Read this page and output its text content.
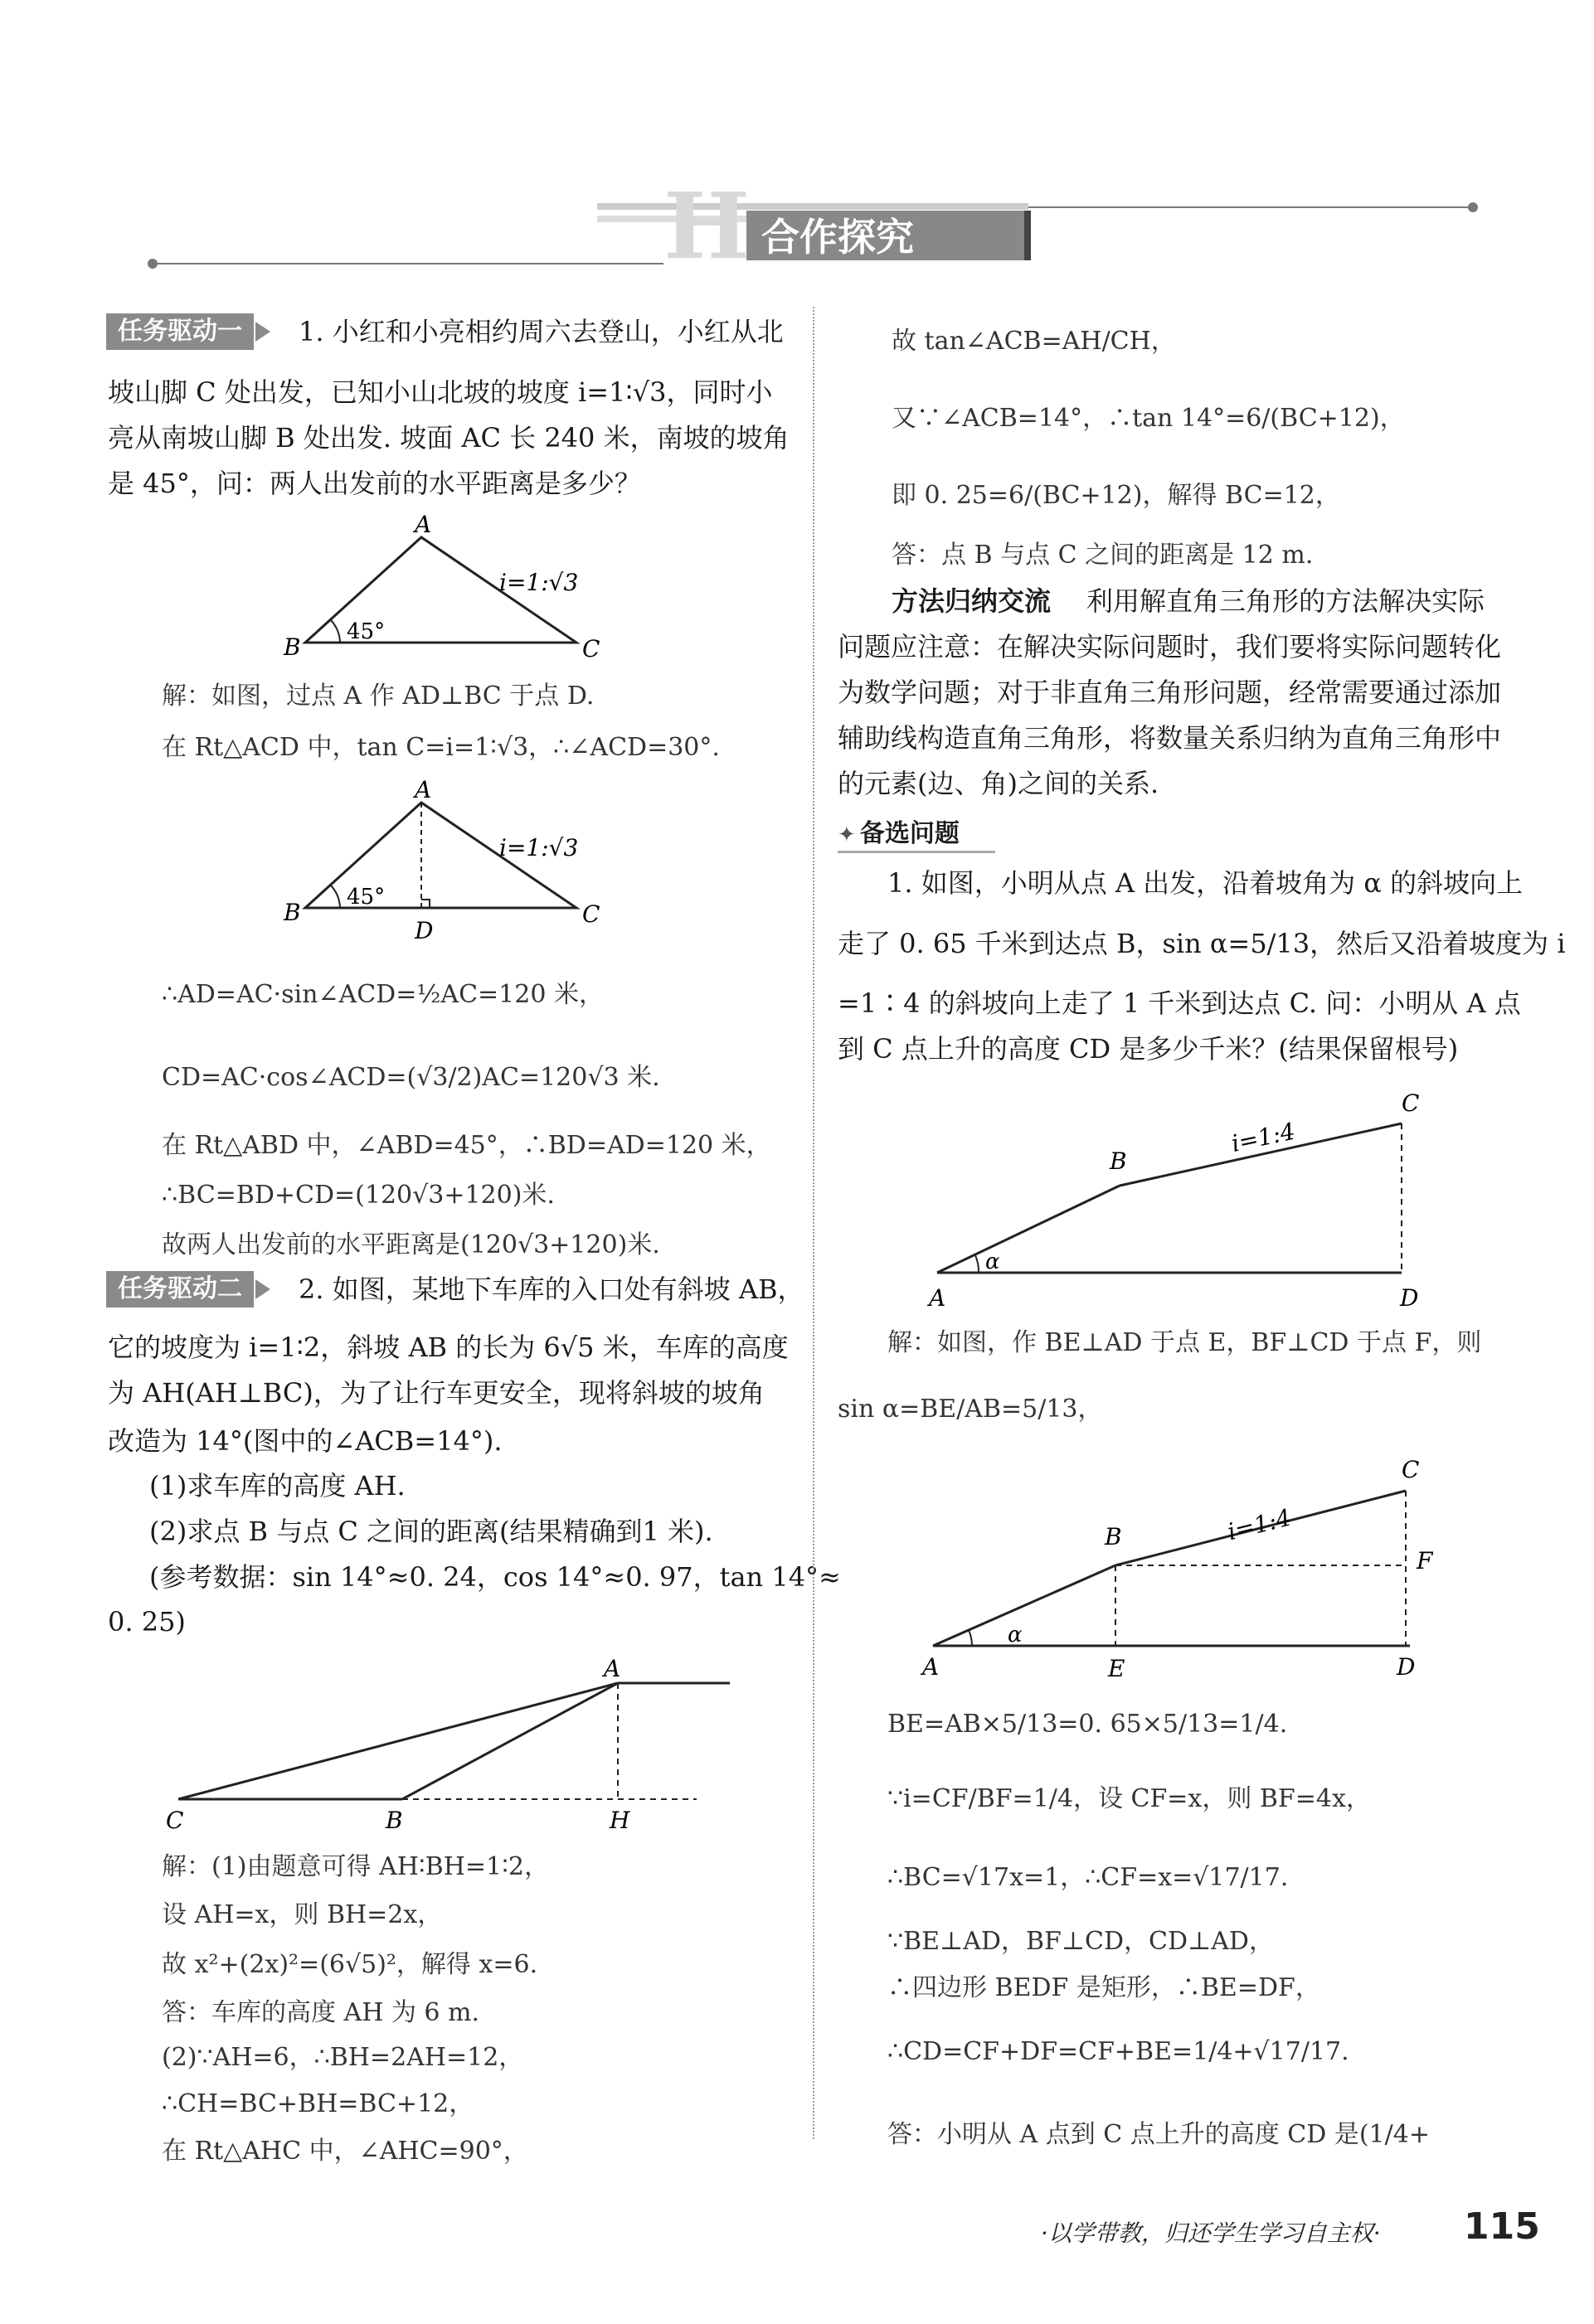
H 合作探究
任务驱动一	1. 小红和小亮相约周六去登山，小红从北
坡山脚 C 处出发，已知小山北坡的坡度 i=1∶√3，同时小
亮从南坡山脚 B 处出发. 坡面 AC 长 240 米，南坡的坡角
是 45°，问：两人出发前的水平距离是多少？
A
B	C
45°
i=1:√3
解：如图，过点 A 作 AD⊥BC 于点 D.
在 Rt△ACD 中，tan C=i=1∶√3，∴∠ACD=30°.
A
B	C
D
45°
i=1:√3
∴AD=AC·sin∠ACD=½AC=120 米，
CD=AC·cos∠ACD=(√3/2)AC=120√3 米.
在 Rt△ABD 中，∠ABD=45°，∴BD=AD=120 米，
∴BC=BD+CD=(120√3+120)米.
故两人出发前的水平距离是(120√3+120)米.
任务驱动二	2. 如图，某地下车库的入口处有斜坡 AB，
它的坡度为 i=1∶2，斜坡 AB 的长为 6√5 米，车库的高度
为 AH(AH⊥BC)，为了让行车更安全，现将斜坡的坡角
改造为 14°(图中的∠ACB=14°).
(1)求车库的高度 AH.
(2)求点 B 与点 C 之间的距离(结果精确到1 米).
(参考数据：sin 14°≈0. 24，cos 14°≈0. 97，tan 14°≈
0. 25)
A
C	B	H
解：(1)由题意可得 AH∶BH=1∶2，
设 AH=x，则 BH=2x，
故 x²+(2x)²=(6√5)²，解得 x=6.
答：车库的高度 AH 为 6 m.
(2)∵AH=6，∴BH=2AH=12，
∴CH=BC+BH=BC+12，
在 Rt△AHC 中，∠AHC=90°，
故 tan∠ACB=AH/CH，
又∵∠ACB=14°，∴tan 14°=6/(BC+12)，
即 0. 25=6/(BC+12)，解得 BC=12，
答：点 B 与点 C 之间的距离是 12 m.
方法归纳交流 利用解直角三角形的方法解决实际
问题应注意：在解决实际问题时，我们要将实际问题转化
为数学问题；对于非直角三角形问题，经常需要通过添加
辅助线构造直角三角形，将数量关系归纳为直角三角形中
的元素(边、角)之间的关系.
✦ 备选问题
1. 如图，小明从点 A 出发，沿着坡角为 α 的斜坡向上
走了 0. 65 千米到达点 B，sin α=5/13，然后又沿着坡度为 i
=1∶4 的斜坡向上走了 1 千米到达点 C. 问：小明从 A 点
到 C 点上升的高度 CD 是多少千米？(结果保留根号)
C
B
A	D
α
i=1:4
解：如图，作 BE⊥AD 于点 E，BF⊥CD 于点 F，则
sin α=BE/AB=5/13，
C
B
F
A	E	D
α
i=1:4
BE=AB×5/13=0. 65×5/13=1/4.
∵i=CF/BF=1/4，设 CF=x，则 BF=4x，
∴BC=√17x=1，∴CF=x=√17/17.
∵BE⊥AD，BF⊥CD，CD⊥AD，
∴四边形 BEDF 是矩形，∴BE=DF，
∴CD=CF+DF=CF+BE=1/4+√17/17.
答：小明从 A 点到 C 点上升的高度 CD 是(1/4+
·以学带教，归还学生学习自主权· 115
